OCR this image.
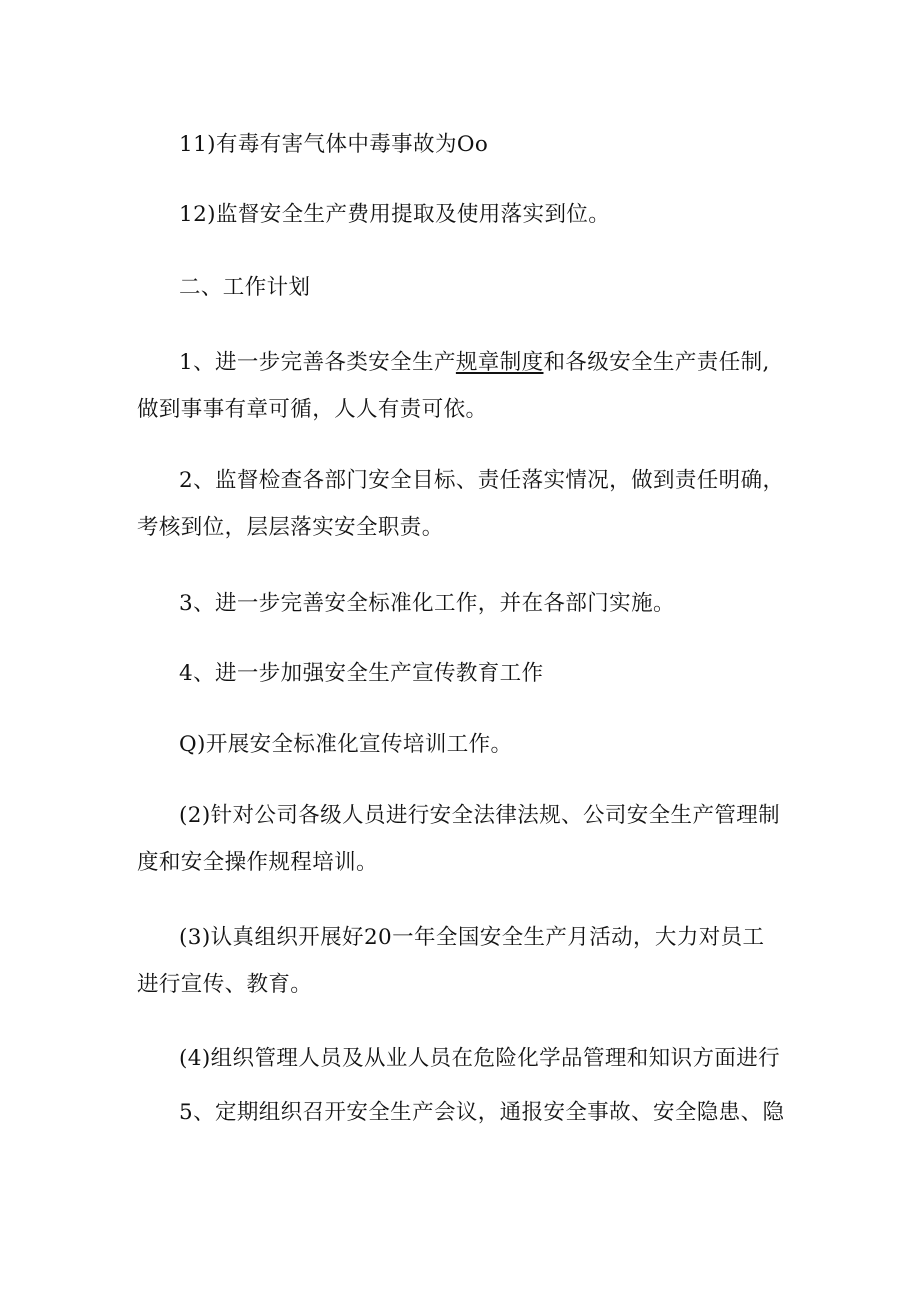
11)有毒有害气体中毒事故为Oo

12)监督安全生产费用提取及使用落实到位。

二、工作计划

1、进一步完善各类安全生产规章制度和各级安全生产责任制,
做到事事有章可循，人人有责可依。

2、监督检查各部门安全目标、责任落实情况，做到责任明确，
考核到位，层层落实安全职责。

3、进一步完善安全标准化工作，并在各部门实施。

4、进一步加强安全生产宣传教育工作

Q)开展安全标准化宣传培训工作。

(2)针对公司各级人员进行安全法律法规、公司安全生产管理制
度和安全操作规程培训。

(3)认真组织开展好20一年全国安全生产月活动，大力对员工
进行宣传、教育。

(4)组织管理人员及从业人员在危险化学品管理和知识方面进行

5、定期组织召开安全生产会议，通报安全事故、安全隐患、隐
